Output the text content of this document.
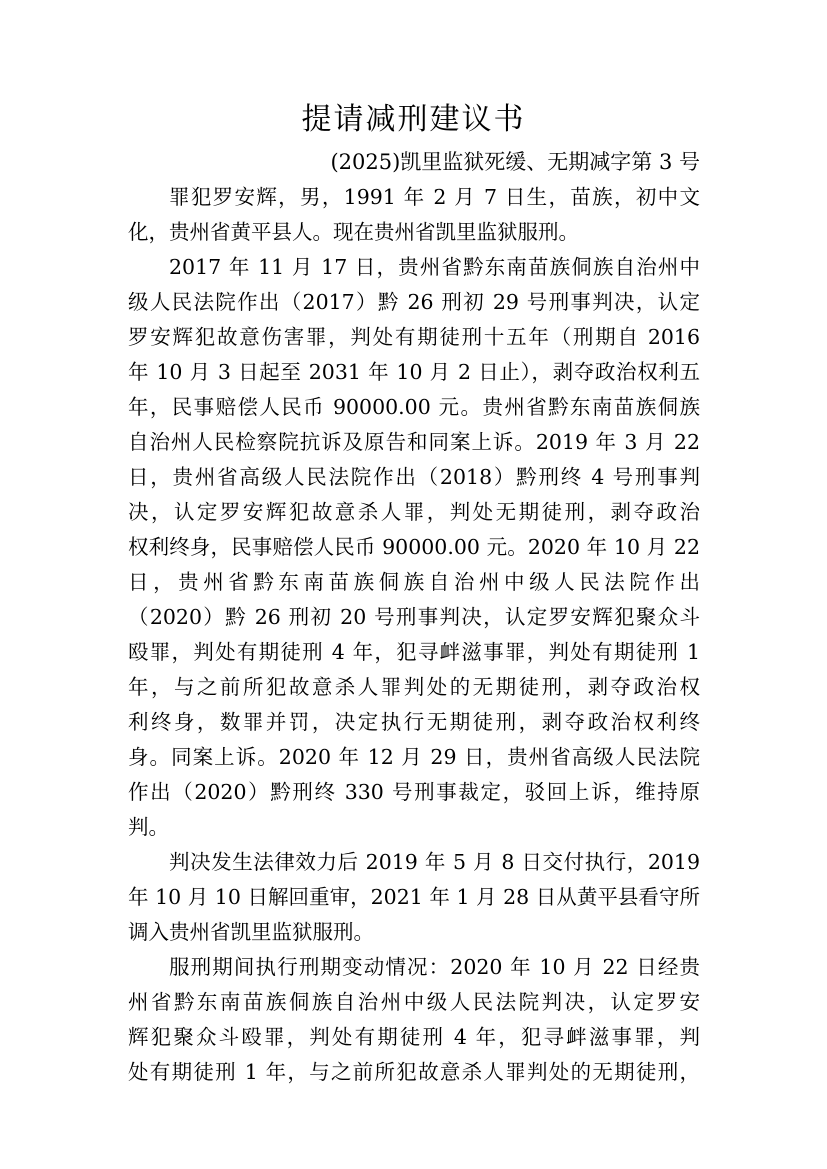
提请减刑建议书
(2025)凯里监狱死缓、无期减字第 3 号

罪犯罗安辉，男，1991 年 2 月 7 日生，苗族，初中文
化，贵州省黄平县人。现在贵州省凯里监狱服刑。

2017 年 11 月 17 日，贵州省黔东南苗族侗族自治州中
级人民法院作出（2017）黔 26 刑初 29 号刑事判决，认定
罗安辉犯故意伤害罪，判处有期徒刑十五年（刑期自 2016
年 10 月 3 日起至 2031 年 10 月 2 日止），剥夺政治权利五
年，民事赔偿人民币 90000.00 元。贵州省黔东南苗族侗族
自治州人民检察院抗诉及原告和同案上诉。2019 年 3 月 22
日，贵州省高级人民法院作出（2018）黔刑终 4 号刑事判
决，认定罗安辉犯故意杀人罪，判处无期徒刑，剥夺政治
权利终身，民事赔偿人民币 90000.00 元。2020 年 10 月 22
日，贵州省黔东南苗族侗族自治州中级人民法院作出
（2020）黔 26 刑初 20 号刑事判决，认定罗安辉犯聚众斗
殴罪，判处有期徒刑 4 年，犯寻衅滋事罪，判处有期徒刑 1
年，与之前所犯故意杀人罪判处的无期徒刑，剥夺政治权
利终身，数罪并罚，决定执行无期徒刑，剥夺政治权利终
身。同案上诉。2020 年 12 月 29 日，贵州省高级人民法院
作出（2020）黔刑终 330 号刑事裁定，驳回上诉，维持原
判。

判决发生法律效力后 2019 年 5 月 8 日交付执行，2019
年 10 月 10 日解回重审，2021 年 1 月 28 日从黄平县看守所
调入贵州省凯里监狱服刑。

服刑期间执行刑期变动情况：2020 年 10 月 22 日经贵
州省黔东南苗族侗族自治州中级人民法院判决，认定罗安
辉犯聚众斗殴罪，判处有期徒刑 4 年，犯寻衅滋事罪，判
处有期徒刑 1 年，与之前所犯故意杀人罪判处的无期徒刑，
